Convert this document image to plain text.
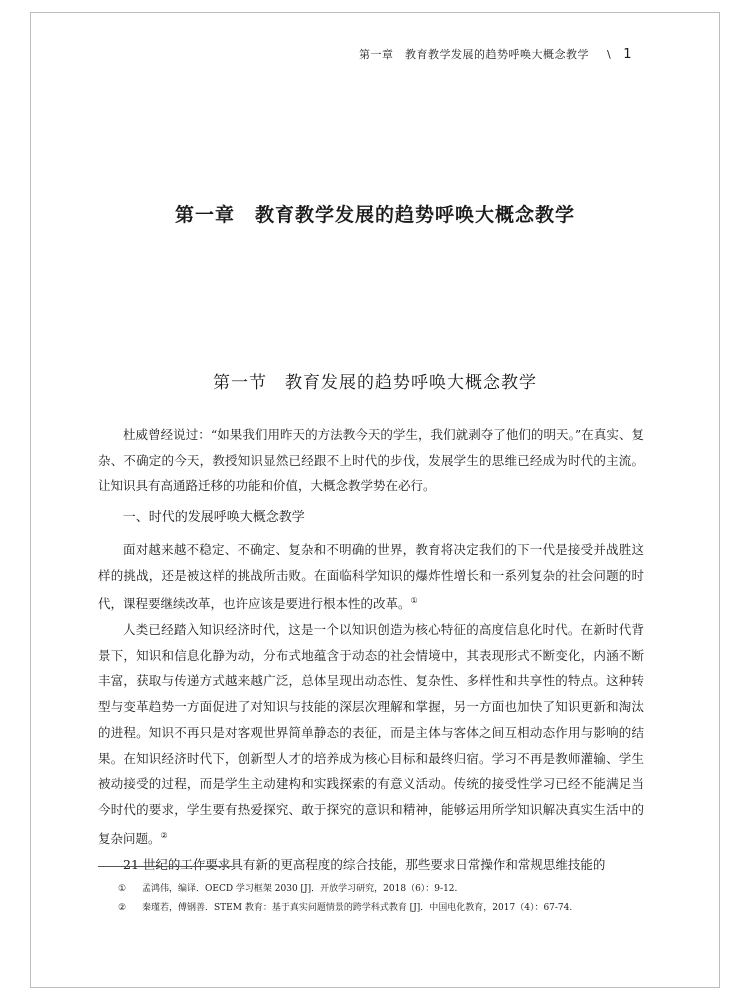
第一章　教育教学发展的趋势呼唤大概念教学 \ 1
第一章　教育教学发展的趋势呼唤大概念教学
第一节　教育发展的趋势呼唤大概念教学

杜威曾经说过：“如果我们用昨天的方法教今天的学生，我们就剥夺了他们的明天。”在真实、复杂、不确定的今天，教授知识显然已经跟不上时代的步伐，发展学生的思维已经成为时代的主流。让知识具有高通路迁移的功能和价值，大概念教学势在必行。

一、时代的发展呼唤大概念教学

面对越来越不稳定、不确定、复杂和不明确的世界，教育将决定我们的下一代是接受并战胜这样的挑战，还是被这样的挑战所击败。在面临科学知识的爆炸性增长和一系列复杂的社会问题的时代，课程要继续改革，也许应该是要进行根本性的改革。①

人类已经踏入知识经济时代，这是一个以知识创造为核心特征的高度信息化时代。在新时代背景下，知识和信息化静为动，分布式地蕴含于动态的社会情境中，其表现形式不断变化，内涵不断丰富，获取与传递方式越来越广泛，总体呈现出动态性、复杂性、多样性和共享性的特点。这种转型与变革趋势一方面促进了对知识与技能的深层次理解和掌握，另一方面也加快了知识更新和淘汰的进程。知识不再只是对客观世界简单静态的表征，而是主体与客体之间互相动态作用与影响的结果。在知识经济时代下，创新型人才的培养成为核心目标和最终归宿。学习不再是教师灌输、学生被动接受的过程，而是学生主动建构和实践探索的有意义活动。传统的接受性学习已经不能满足当今时代的要求，学生要有热爱探究、敢于探究的意识和精神，能够运用所学知识解决真实生活中的复杂问题。②

21 世纪的工作要求具有新的更高程度的综合技能，那些要求日常操作和常规思维技能的

① 孟鸿伟，编译．OECD 学习框架 2030 [J]．开放学习研究，2018（6）：9-12.
② 秦瑾若，傅钢善．STEM 教育：基于真实问题情景的跨学科式教育 [J]．中国电化教育，2017（4）：67-74.
